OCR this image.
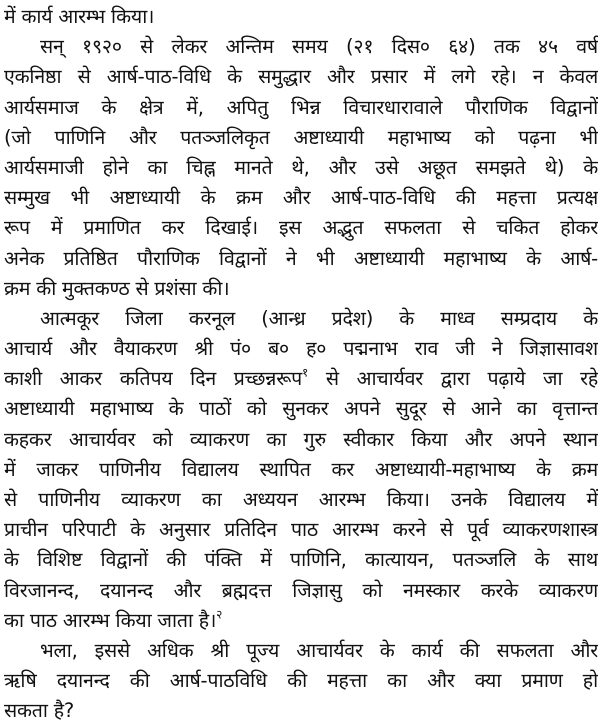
में कार्य आरम्भ किया।
सन् १९२० से लेकर अन्तिम समय (२१ दिस० ६४) तक ४५ वर्ष
एकनिष्ठा से आर्ष-पाठ-विधि के समुद्धार और प्रसार में लगे रहे। न केवल
आर्यसमाज के क्षेत्र में, अपितु भिन्न विचारधारावाले पौराणिक विद्वानों
(जो पाणिनि और पतञ्जलिकृत अष्टाध्यायी महाभाष्य को पढ़ना भी
आर्यसमाजी होने का चिह्न मानते थे, और उसे अछूत समझते थे) के
सम्मुख भी अष्टाध्यायी के क्रम और आर्ष-पाठ-विधि की महत्ता प्रत्यक्ष
रूप में प्रमाणित कर दिखाई। इस अद्भुत सफलता से चकित होकर
अनेक प्रतिष्ठित पौराणिक विद्वानों ने भी अष्टाध्यायी महाभाष्य के आर्ष-
क्रम की मुक्तकण्ठ से प्रशंसा की।
आत्मकूर जिला करनूल (आन्ध्र प्रदेश) के माध्व सम्प्रदाय के
आचार्य और वैयाकरण श्री पं० ब० ह० पद्मनाभ राव जी ने जिज्ञासावश
काशी आकर कतिपय दिन प्रच्छन्नरूप$^१$ से आचार्यवर द्वारा पढ़ाये जा रहे
अष्टाध्यायी महाभाष्य के पाठों को सुनकर अपने सुदूर से आने का वृत्तान्त
कहकर आचार्यवर को व्याकरण का गुरु स्वीकार किया और अपने स्थान
में जाकर पाणिनीय विद्यालय स्थापित कर अष्टाध्यायी-महाभाष्य के क्रम
से पाणिनीय व्याकरण का अध्ययन आरम्भ किया। उनके विद्यालय में
प्राचीन परिपाटी के अनुसार प्रतिदिन पाठ आरम्भ करने से पूर्व व्याकरणशास्त्र
के विशिष्ट विद्वानों की पंक्ति में पाणिनि, कात्यायन, पतञ्जलि के साथ
विरजानन्द, दयानन्द और ब्रह्मदत्त जिज्ञासु को नमस्कार करके व्याकरण
का पाठ आरम्भ किया जाता है।$^२$
भला, इससे अधिक श्री पूज्य आचार्यवर के कार्य की सफलता और
ऋषि दयानन्द की आर्ष-पाठविधि की महत्ता का और क्या प्रमाण हो
सकता है?
